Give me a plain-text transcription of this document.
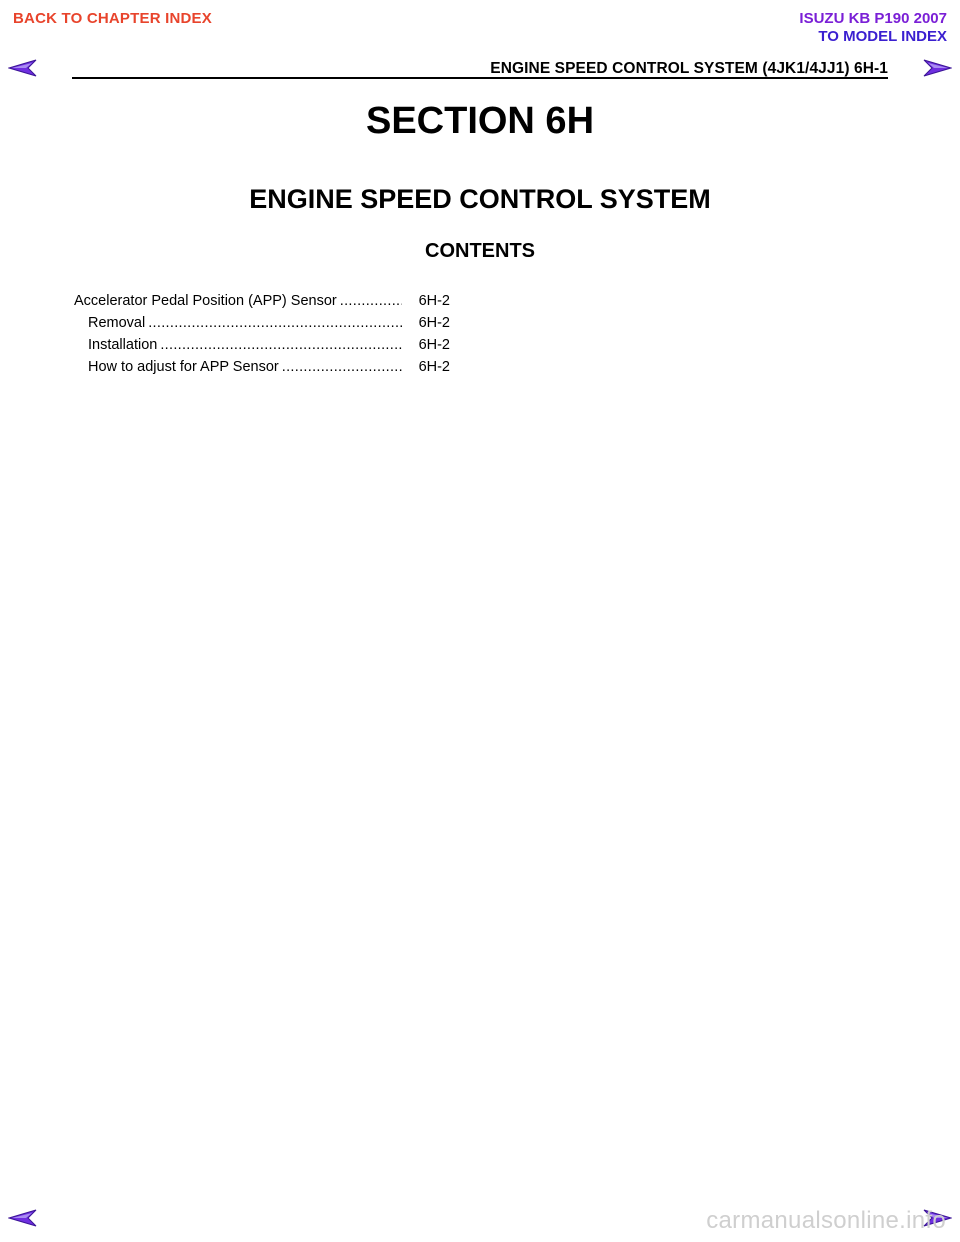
BACK TO CHAPTER INDEX	ISUZU KB P190 2007
TO MODEL INDEX
ENGINE SPEED CONTROL SYSTEM (4JK1/4JJ1) 6H-1
SECTION 6H
ENGINE SPEED CONTROL SYSTEM
CONTENTS
Accelerator Pedal Position (APP) Sensor .....	6H-2
Removal .....	6H-2
Installation .....	6H-2
How to adjust for APP Sensor .....	6H-2
carmanualsonline.info
